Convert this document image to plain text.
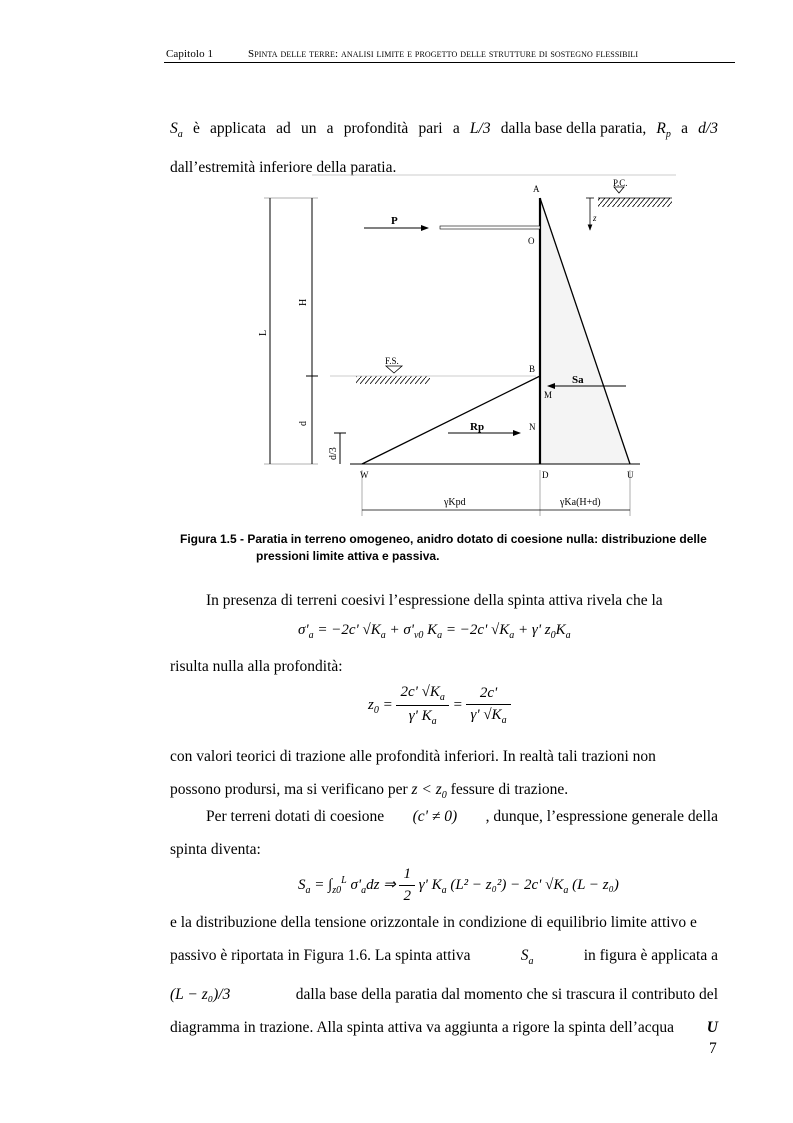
Capitolo 1	Spinta delle terre: analisi limite e progetto delle strutture di sostegno flessibili
$S_a$ è applicata ad un a profondità pari a L/3 dalla base della paratia, $R_p$ a d/3
dall’estremità inferiore della paratia.
A
O
B
M
N
D
W	U
P.C.
F.S.
z
P
Sa
Rp
L
H
d
d/3
γKpd	γKa(H+d)
Figura 1.5 - Paratia in terreno omogeneo, anidro dotato di coesione nulla: distribuzione delle
pressioni limite attiva e passiva.
In presenza di terreni coesivi l’espressione della spinta attiva rivela che la
$\sigma'_a = -2c'$ $√K_a + \sigma'_{v0}$ $K_a = -2c'$ $√K_a + \gamma'$ $z_0K_a$
risulta nulla alla profondità:
$z_0 = \frac{2c' √K_a}{\gamma' K_a} = \frac{2c'}{\gamma' √K_a}$
con valori teorici di trazione alle profondità inferiori. In realtà tali trazioni non
possono prodursi, ma si verificano per $z < z_0$ fessure di trazione.
Per terreni dotati di coesione (c' ≠ 0) , dunque, l’espressione generale della
spinta diventa:
$S_a = \int_{z0}^L$ $\sigma'_adz$ ⇒ $\frac{1}{2} \gamma'$ $K_a$ (L² − z₀²) − 2c' $√K_a$ (L − z₀)
e la distribuzione della tensione orizzontale in condizione di equilibrio limite attivo e
passivo è riportata in Figura 1.6. La spinta attiva	$S_a$	in figura è applicata a
(L − z₀)/3	dalla base della paratia dal momento che si trascura il contributo del
diagramma in trazione. Alla spinta attiva va aggiunta a rigore la spinta dell’acqua U
7
